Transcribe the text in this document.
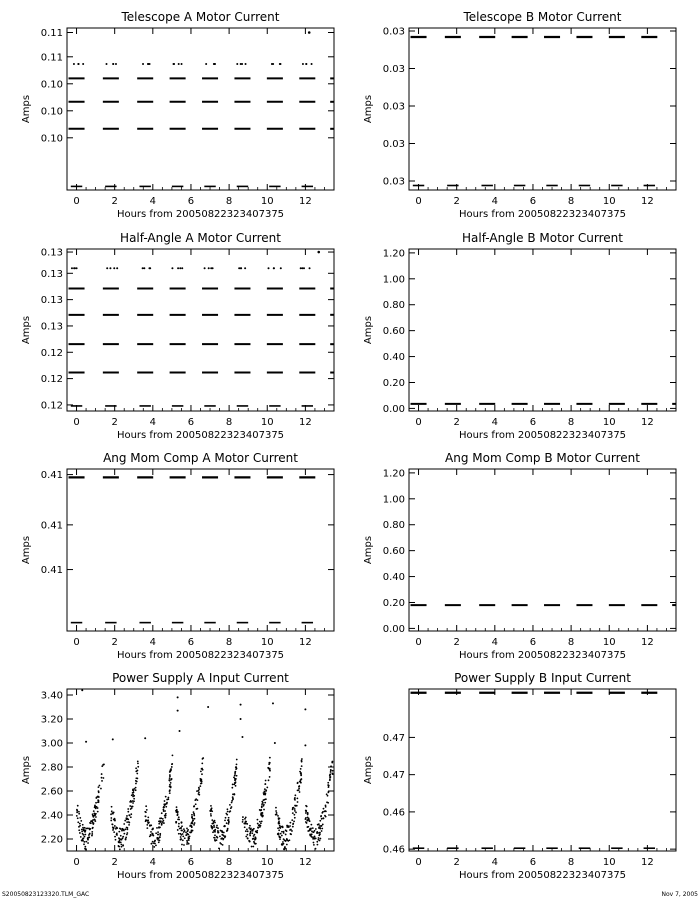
Telescope A Motor Current
Hours from 20050822323407375
Amps
0	2	4	6	8	10	12
0.10
0.10
0.10
0.11
0.11
Telescope B Motor Current
Hours from 20050822323407375
Amps
0	2	4	6	8	10	12
0.03
0.03
0.03
0.03
0.03
Half-Angle A Motor Current
Hours from 20050822323407375
Amps
0	2	4	6	8	10	12
0.12
0.12
0.12
0.13
0.13
0.13
0.13
Half-Angle B Motor Current
Hours from 20050822323407375
Amps
0	2	4	6	8	10	12
0.00
0.20
0.40
0.60
0.80
1.00
1.20
Ang Mom Comp A Motor Current
Hours from 20050822323407375
Amps
0	2	4	6	8	10	12
0.41
0.41
0.41
Ang Mom Comp B Motor Current
Hours from 20050822323407375
Amps
0	2	4	6	8	10	12
0.00
0.20
0.40
0.60
0.80
1.00
1.20
Power Supply A Input Current
Hours from 20050822323407375
Amps
0	2	4	6	8	10	12
2.20
2.40
2.60
2.80
3.00
3.20
3.40
Power Supply B Input Current
Hours from 20050822323407375
Amps
0	2	4	6	8	10	12
0.46
0.46
0.47
0.47
S20050823123320.TLM_GAC	Nov 7, 2005
